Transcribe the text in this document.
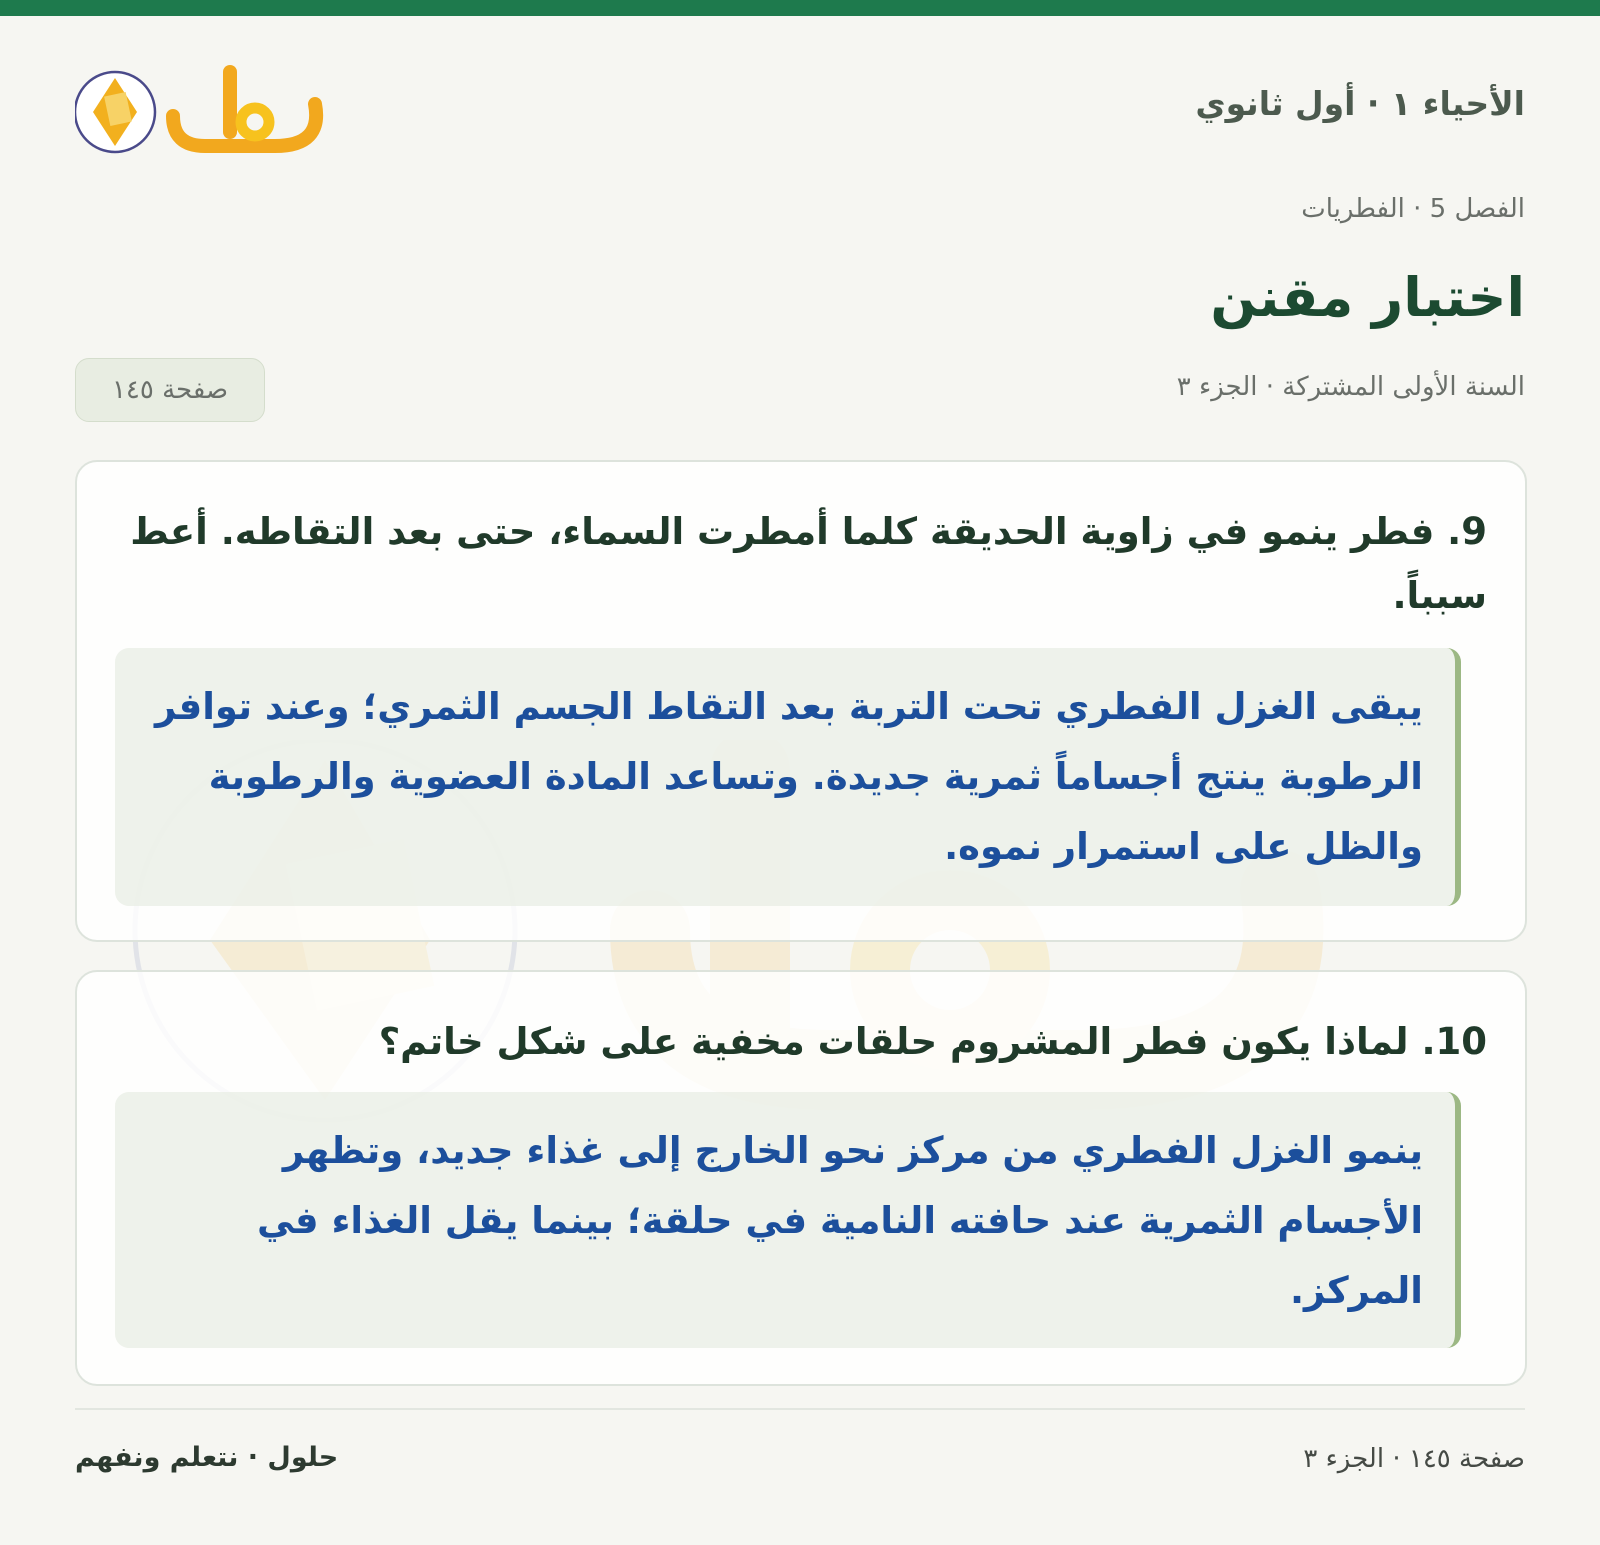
الأحياء ١ · أول ثانوي
الفصل 5 · الفطريات
اختبار مقنن
السنة الأولى المشتركة · الجزء ٣
صفحة ١٤٥

9. فطر ينمو في زاوية الحديقة كلما أمطرت السماء، حتى بعد التقاطه. أعط سبباً.

يبقى الغزل الفطري تحت التربة بعد التقاط الجسم الثمري؛ وعند توافر الرطوبة ينتج أجساماً ثمرية جديدة. وتساعد المادة العضوية والرطوبة والظل على استمرار نموه.

10. لماذا يكون فطر المشروم حلقات مخفية على شكل خاتم؟

ينمو الغزل الفطري من مركز نحو الخارج إلى غذاء جديد، وتظهر الأجسام الثمرية عند حافته النامية في حلقة؛ بينما يقل الغذاء في المركز.

صفحة ١٤٥ · الجزء ٣
حلول · نتعلم ونفهم
